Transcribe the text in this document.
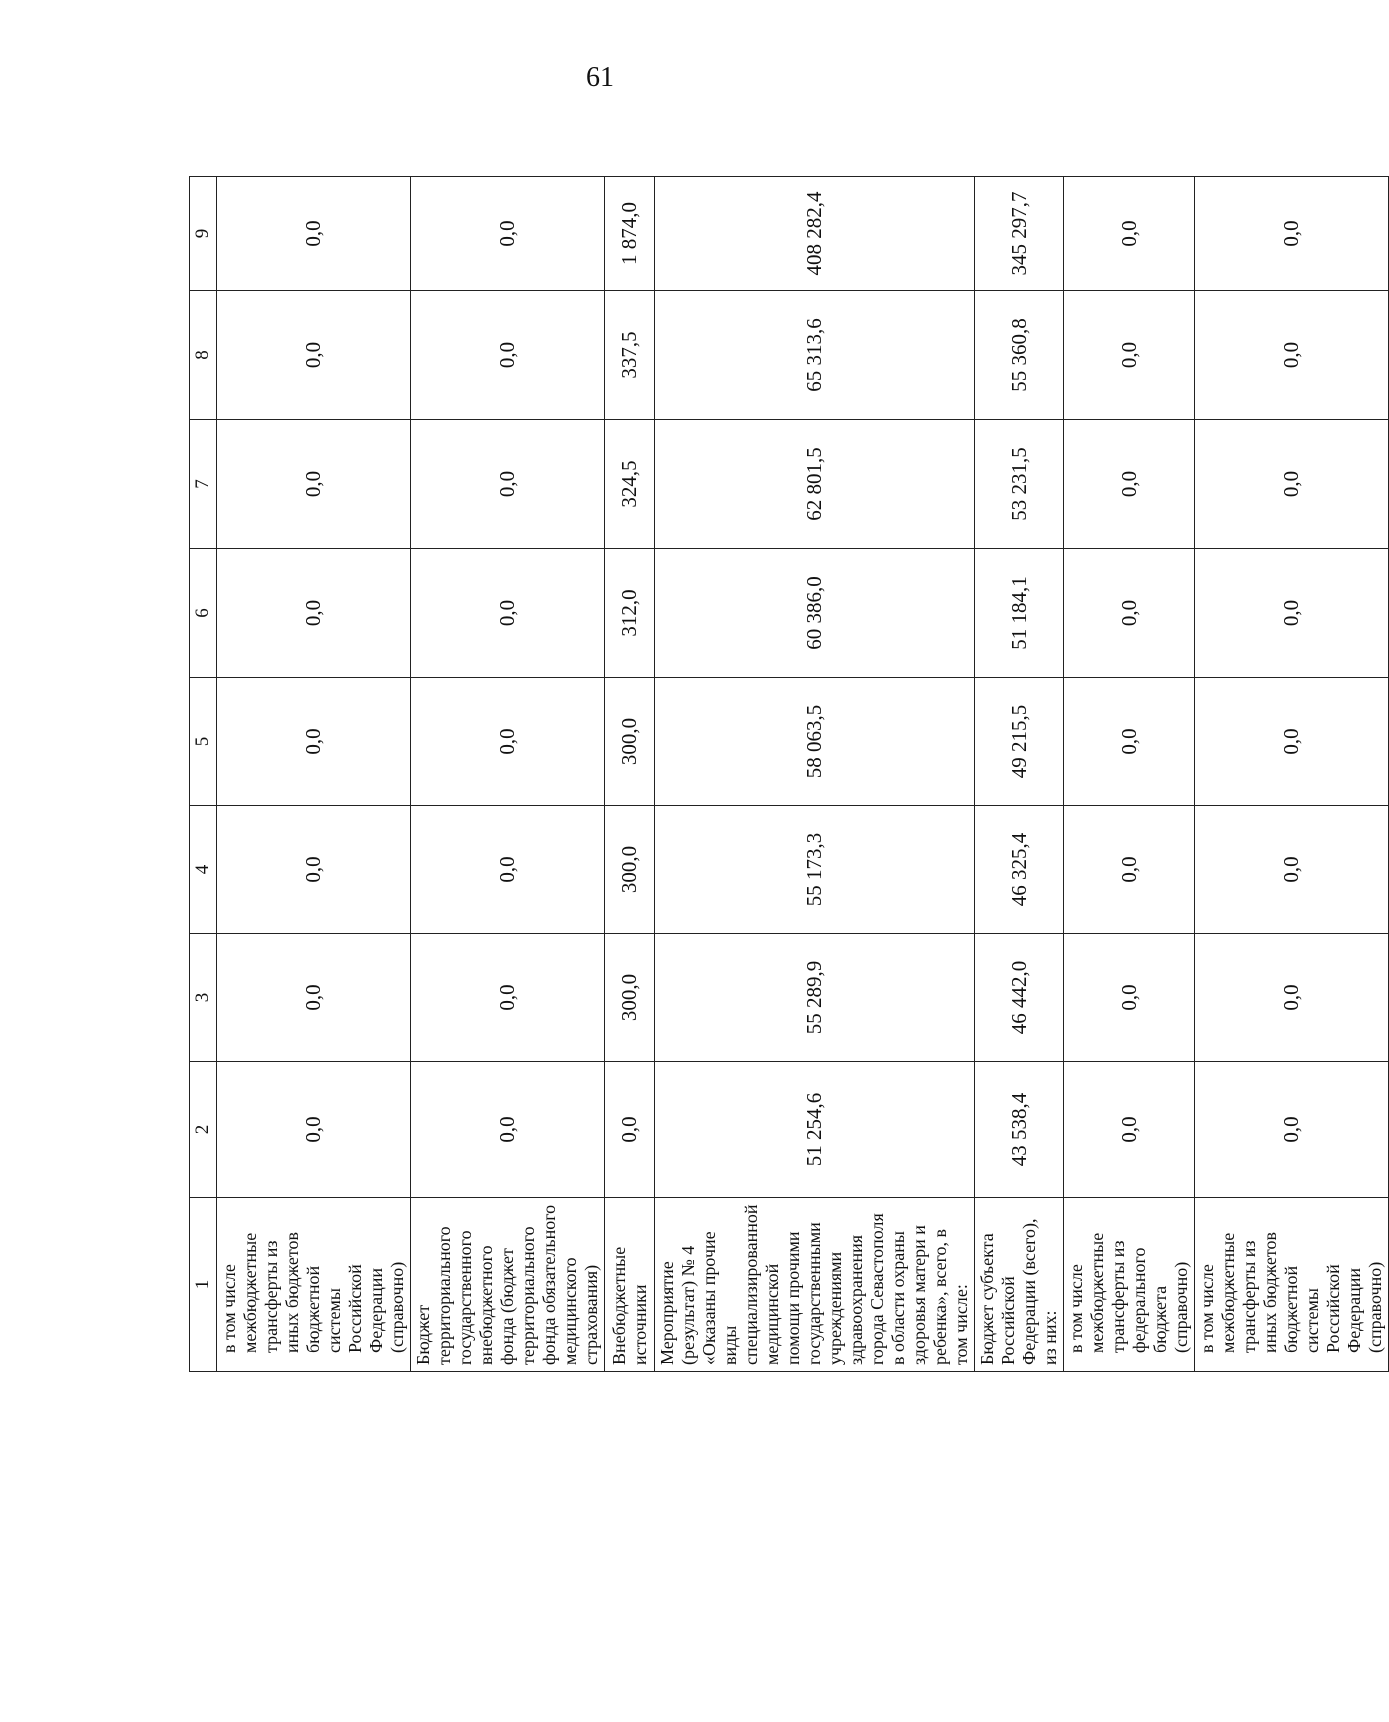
61
1	2	3	4	5	6	7	8	9
в том числе межбюджетные трансферты из иных бюджетов бюджетной системы Российской Федерации (справочно)	0,0	0,0	0,0	0,0	0,0	0,0	0,0	0,0
Бюджет территориального государственного внебюджетного фонда (бюджет территориального фонда обязательного медицинского страхования)	0,0	0,0	0,0	0,0	0,0	0,0	0,0	0,0
Внебюджетные источники	0,0	300,0	300,0	300,0	312,0	324,5	337,5	1 874,0
Мероприятие (результат) № 4 «Оказаны прочие виды специализированной медицинской помощи прочими государственными учреждениями здравоохранения города Севастополя в области охраны здоровья матери и ребенка», всего, в том числе:	51 254,6	55 289,9	55 173,3	58 063,5	60 386,0	62 801,5	65 313,6	408 282,4
Бюджет субъекта Российской Федерации (всего), из них:	43 538,4	46 442,0	46 325,4	49 215,5	51 184,1	53 231,5	55 360,8	345 297,7
в том числе межбюджетные трансферты из федерального бюджета (справочно)	0,0	0,0	0,0	0,0	0,0	0,0	0,0	0,0
в том числе межбюджетные трансферты из иных бюджетов бюджетной системы Российской Федерации (справочно)	0,0	0,0	0,0	0,0	0,0	0,0	0,0	0,0
